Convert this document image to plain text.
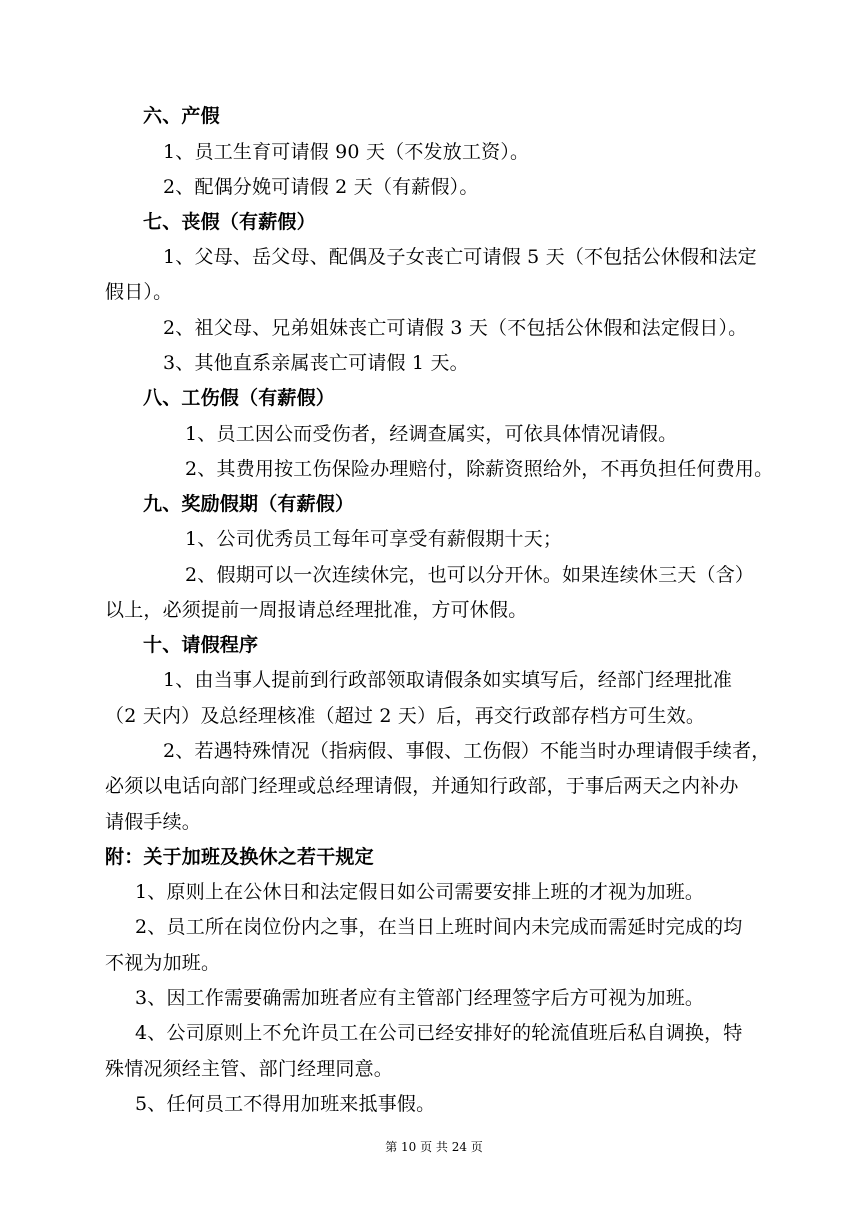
六、产假
1、员工生育可请假 90 天（不发放工资）。
2、配偶分娩可请假 2 天（有薪假）。
七、丧假（有薪假）
1、父母、岳父母、配偶及子女丧亡可请假 5 天（不包括公休假和法定
假日）。
2、祖父母、兄弟姐妹丧亡可请假 3 天（不包括公休假和法定假日）。
3、其他直系亲属丧亡可请假 1 天。
八、工伤假（有薪假）
1、员工因公而受伤者，经调查属实，可依具体情况请假。
2、其费用按工伤保险办理赔付，除薪资照给外，不再负担任何费用。
九、奖励假期（有薪假）
1、公司优秀员工每年可享受有薪假期十天；
2、假期可以一次连续休完，也可以分开休。如果连续休三天（含）
以上，必须提前一周报请总经理批准，方可休假。
十、请假程序
1、由当事人提前到行政部领取请假条如实填写后，经部门经理批准
（2 天内）及总经理核准（超过 2 天）后，再交行政部存档方可生效。
2、若遇特殊情况（指病假、事假、工伤假）不能当时办理请假手续者，
必须以电话向部门经理或总经理请假，并通知行政部，于事后两天之内补办
请假手续。
附：关于加班及换休之若干规定
1、原则上在公休日和法定假日如公司需要安排上班的才视为加班。
2、员工所在岗位份内之事，在当日上班时间内未完成而需延时完成的均
不视为加班。
3、因工作需要确需加班者应有主管部门经理签字后方可视为加班。
4、公司原则上不允许员工在公司已经安排好的轮流值班后私自调换，特
殊情况须经主管、部门经理同意。
5、任何员工不得用加班来抵事假。
第 10 页 共 24 页
